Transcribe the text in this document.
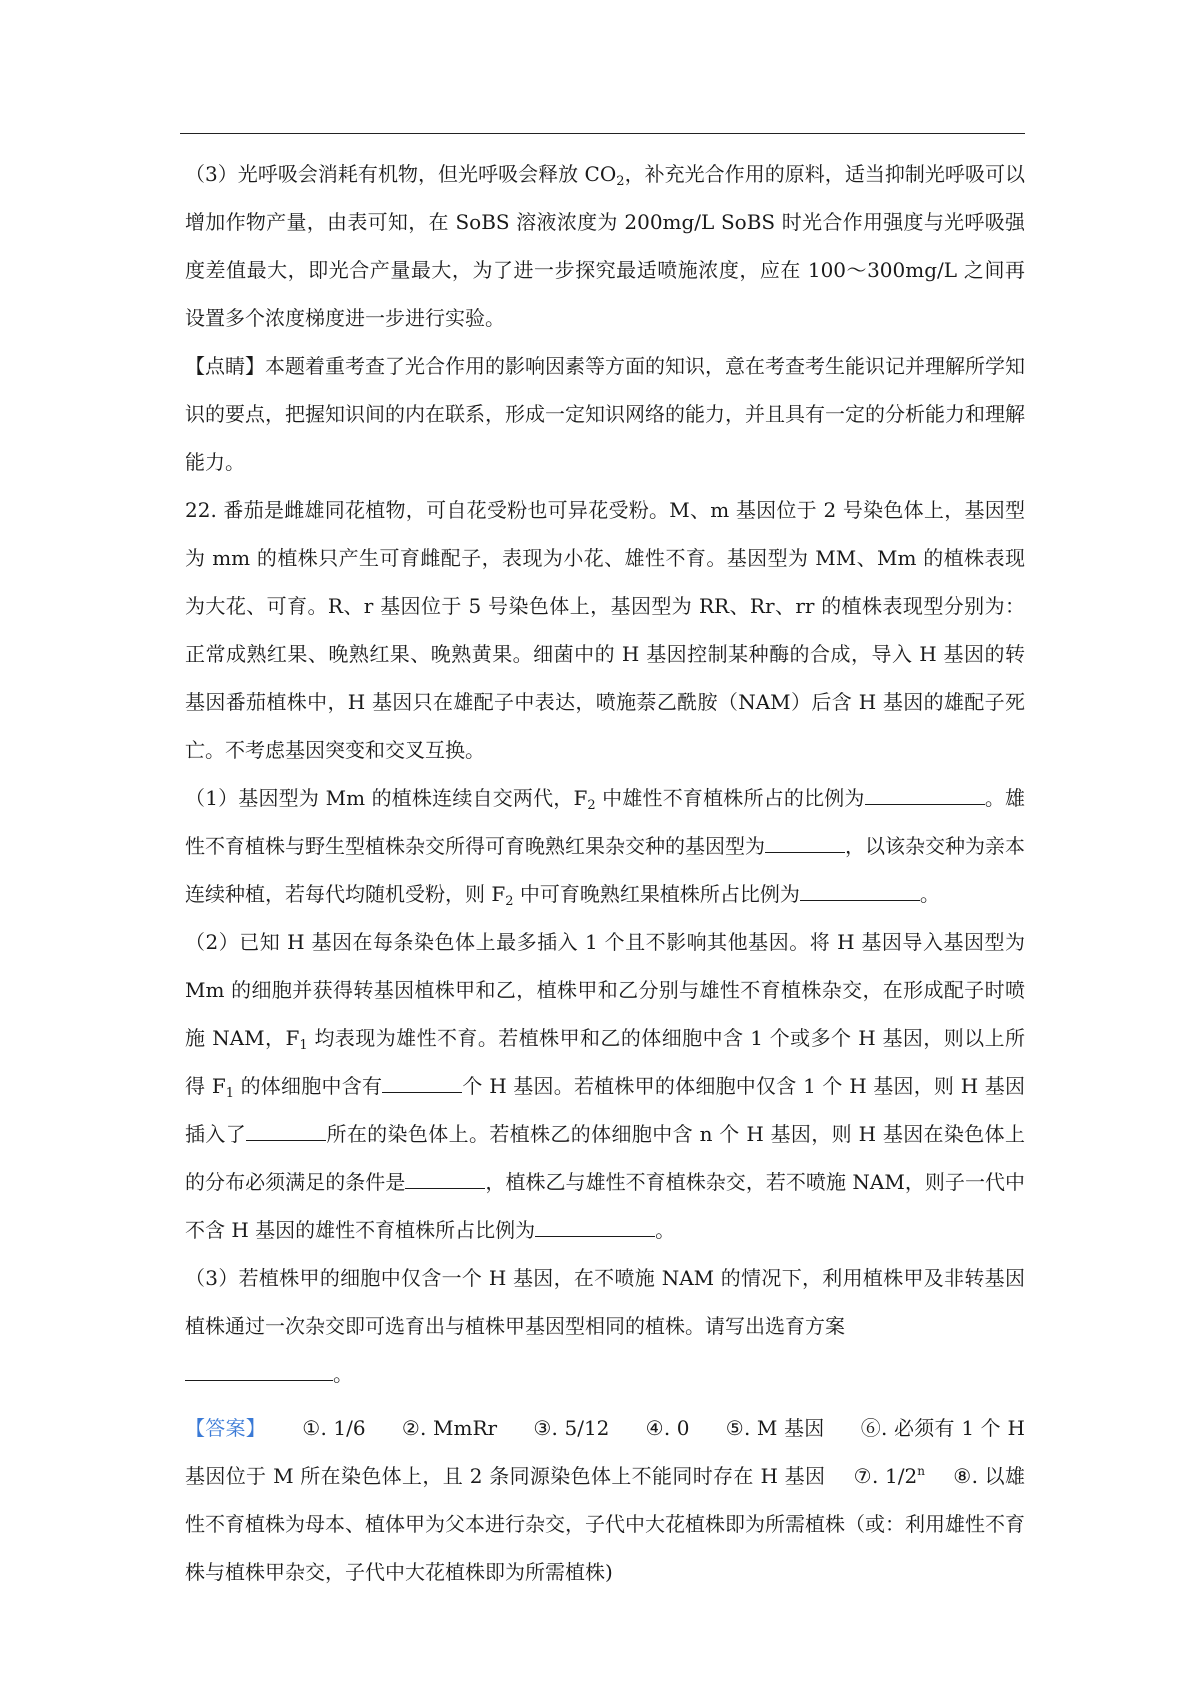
（3）光呼吸会消耗有机物，但光呼吸会释放 $CO_2$，补充光合作用的原料，适当抑制光呼吸可以增加作物产量，由表可知，在 SoBS 溶液浓度为 200mg/L SoBS 时光合作用强度与光呼吸强度差值最大，即光合产量最大，为了进一步探究最适喷施浓度，应在 100～300mg/L 之间再设置多个浓度梯度进一步进行实验。

【点睛】本题着重考查了光合作用的影响因素等方面的知识，意在考查考生能识记并理解所学知识的要点，把握知识间的内在联系，形成一定知识网络的能力，并且具有一定的分析能力和理解能力。

22. 番茄是雌雄同花植物，可自花受粉也可异花受粉。M、m 基因位于 2 号染色体上，基因型为 mm 的植株只产生可育雌配子，表现为小花、雄性不育。基因型为 MM、Mm 的植株表现为大花、可育。R、r 基因位于 5 号染色体上，基因型为 RR、Rr、rr 的植株表现型分别为：正常成熟红果、晚熟红果、晚熟黄果。细菌中的 H 基因控制某种酶的合成，导入 H 基因的转基因番茄植株中，H 基因只在雄配子中表达，喷施萘乙酰胺（NAM）后含 H 基因的雄配子死亡。不考虑基因突变和交叉互换。

（1）基因型为 Mm 的植株连续自交两代，$F_2$ 中雄性不育植株所占的比例为	。雄性不育植株与野生型植株杂交所得可育晚熟红果杂交种的基因型为	，以该杂交种为亲本连续种植，若每代均随机受粉，则 $F_2$ 中可育晚熟红果植株所占比例为	。

（2）已知 H 基因在每条染色体上最多插入 1 个且不影响其他基因。将 H 基因导入基因型为 Mm 的细胞并获得转基因植株甲和乙，植株甲和乙分别与雄性不育植株杂交，在形成配子时喷施 NAM，$F_1$ 均表现为雄性不育。若植株甲和乙的体细胞中含 1 个或多个 H 基因，则以上所得 $F_1$ 的体细胞中含有	个 H 基因。若植株甲的体细胞中仅含 1 个 H 基因，则 H 基因插入了	所在的染色体上。若植株乙的体细胞中含 n 个 H 基因，则 H 基因在染色体上的分布必须满足的条件是	，植株乙与雄性不育植株杂交，若不喷施 NAM，则子一代中不含 H 基因的雄性不育植株所占比例为	。

（3）若植株甲的细胞中仅含一个 H 基因，在不喷施 NAM 的情况下，利用植株甲及非转基因植株通过一次杂交即可选育出与植株甲基因型相同的植株。请写出选育方案
。

【答案】 ①. 1/6 ②. MmRr ③. 5/12 ④. 0 ⑤. M 基因 ⑥. 必须有 1 个 H 基因位于 M 所在染色体上，且 2 条同源染色体上不能同时存在 H 基因 ⑦. 1/2$^n$ ⑧. 以雄性不育植株为母本、植体甲为父本进行杂交，子代中大花植株即为所需植株（或：利用雄性不育株与植株甲杂交，子代中大花植株即为所需植株)
